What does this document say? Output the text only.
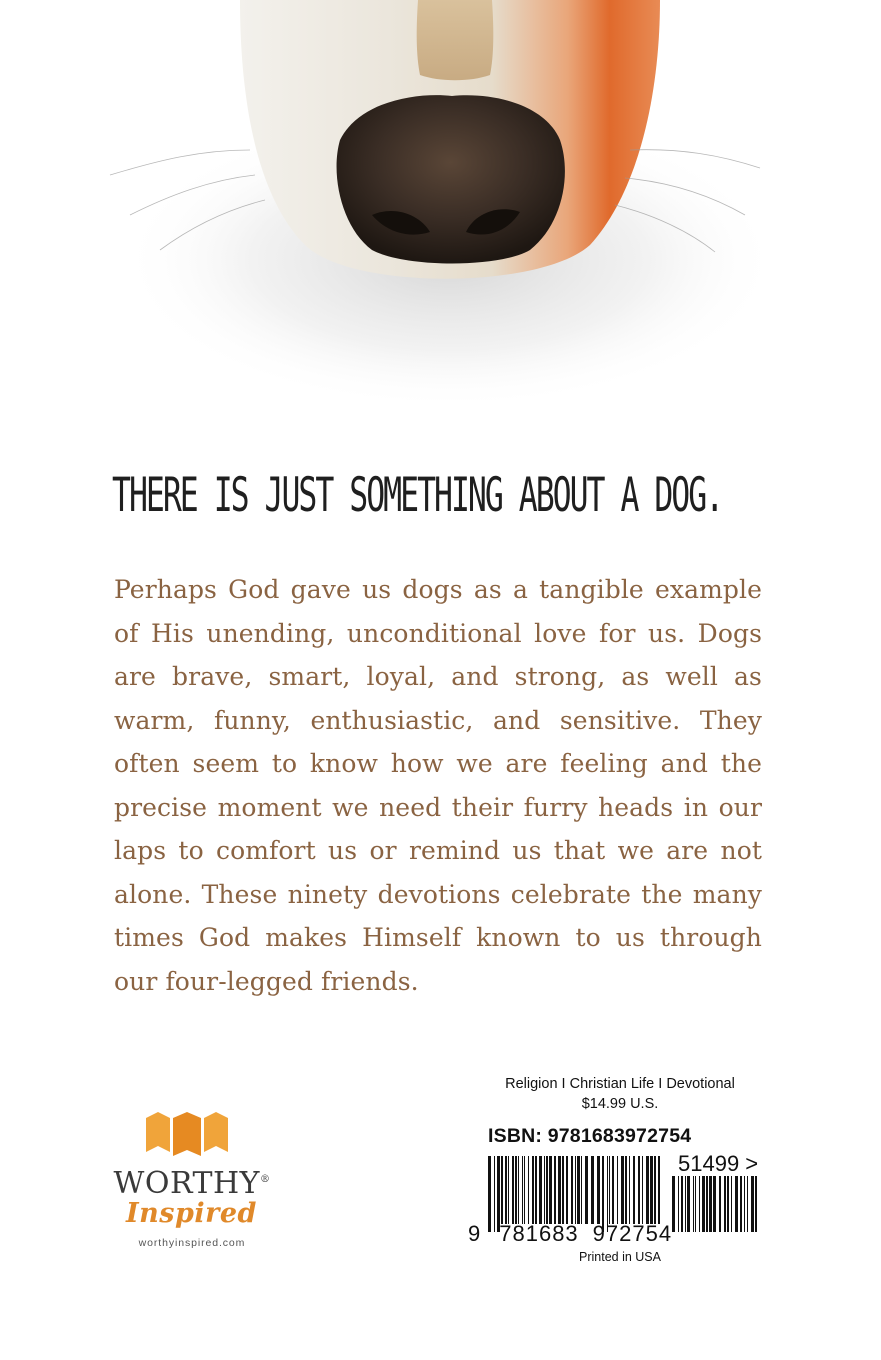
THERE IS JUST SOMETHING ABOUT A DOG.

Perhaps God gave us dogs as a tangible example of His unending, unconditional love for us. Dogs are brave, smart, loyal, and strong, as well as warm, funny, enthusiastic, and sensitive. They often seem to know how we are feeling and the precise moment we need their furry heads in our laps to comfort us or remind us that we are not alone. These ninety devotions celebrate the many times God makes Himself known to us through our four-legged friends.

WORTHY®
Inspired
worthyinspired.com
Religion I Christian Life I Devotional
$14.99 U.S.
ISBN: 9781683972754
51499 >
9 781683 972754
Printed in USA
